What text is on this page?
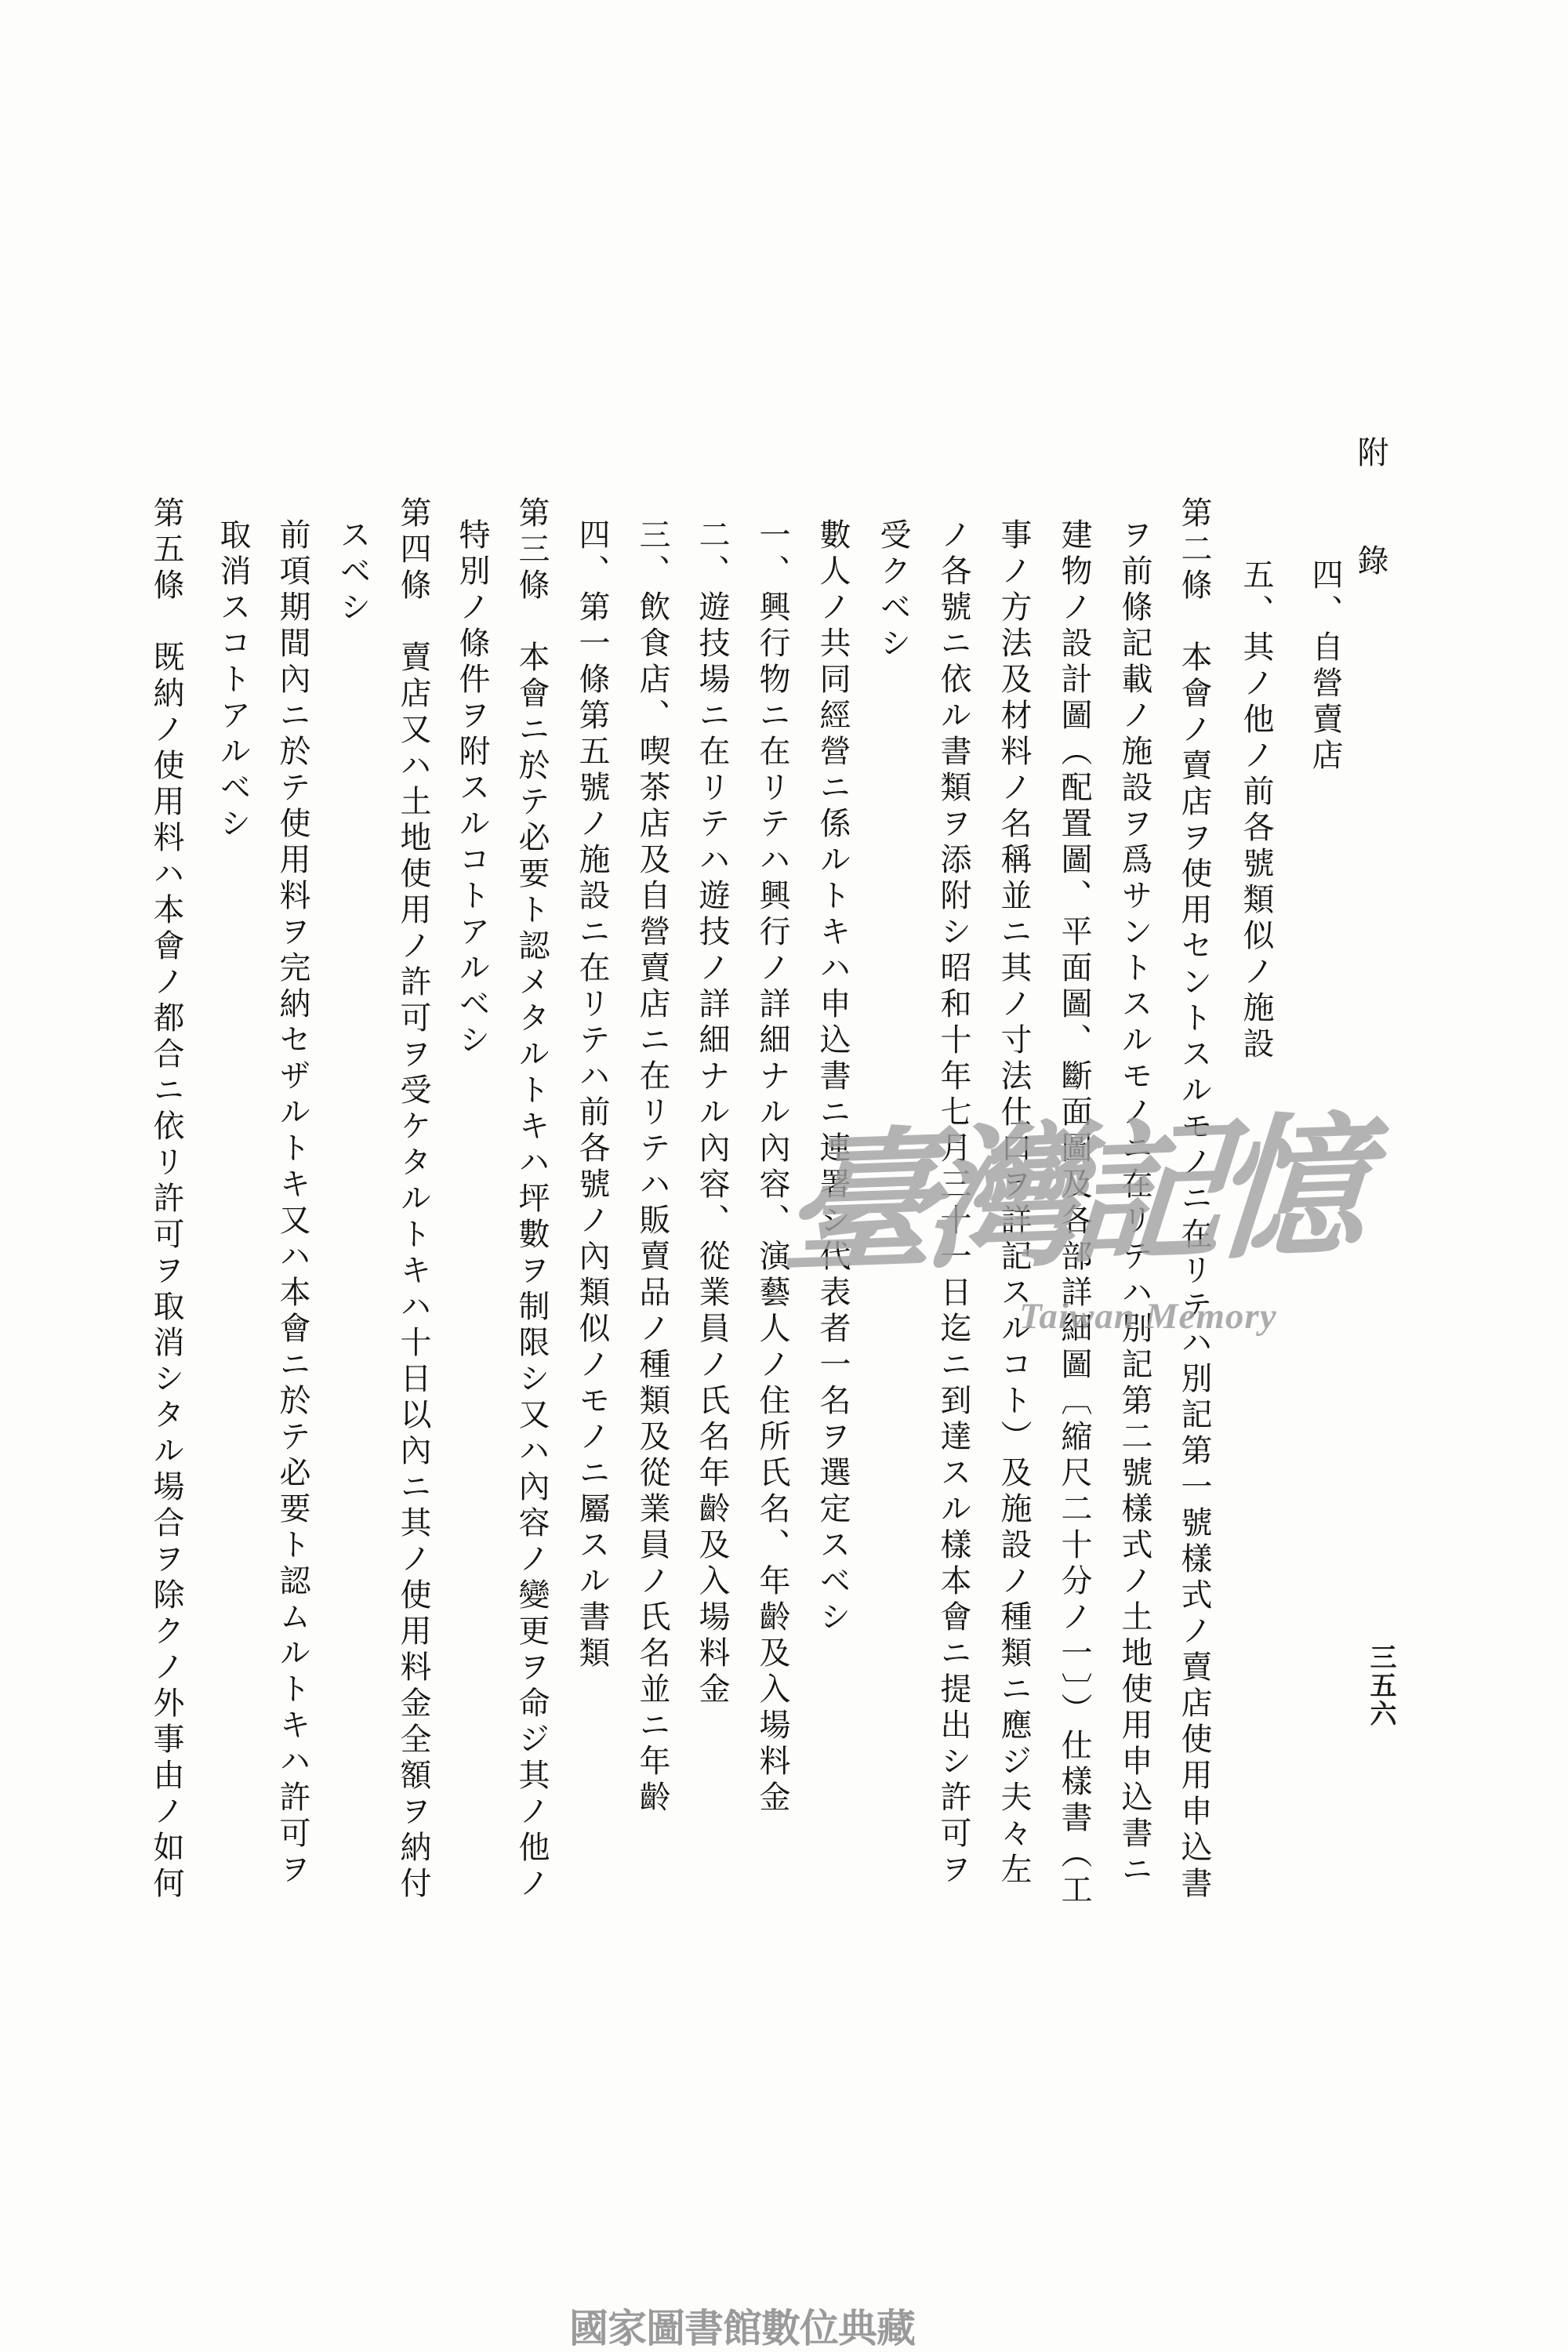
附　　錄
四、自營賣店
五、其ノ他ノ前各號類似ノ施設
第二條　本會ノ賣店ヲ使用セントスルモノニ在リテハ別記第一號樣式ノ賣店使用申込書
ヲ前條記載ノ施設ヲ爲サントスルモノニ在リテハ別記第二號樣式ノ土地使用申込書ニ
建物ノ設計圖（配置圖、平面圖、斷面圖及各部詳細圖〔縮尺二十分ノ一〕）仕樣書（工
事ノ方法及材料ノ名稱並ニ其ノ寸法仕口ヲ詳記スルコト）及施設ノ種類ニ應ジ夫々左
ノ各號ニ依ル書類ヲ添附シ昭和十年七月三十一日迄ニ到達スル樣本會ニ提出シ許可ヲ
受クベシ
數人ノ共同經營ニ係ルトキハ申込書ニ連署シ代表者一名ヲ選定スベシ
一、興行物ニ在リテハ興行ノ詳細ナル內容、演藝人ノ住所氏名、年齡及入場料金
二、遊技場ニ在リテハ遊技ノ詳細ナル內容、從業員ノ氏名年齡及入場料金
三、飲食店、喫茶店及自營賣店ニ在リテハ販賣品ノ種類及從業員ノ氏名並ニ年齡
四、第一條第五號ノ施設ニ在リテハ前各號ノ內類似ノモノニ屬スル書類
第三條　本會ニ於テ必要ト認メタルトキハ坪數ヲ制限シ又ハ內容ノ變更ヲ命ジ其ノ他ノ
特別ノ條件ヲ附スルコトアルベシ
第四條　賣店又ハ土地使用ノ許可ヲ受ケタルトキハ十日以內ニ其ノ使用料金全額ヲ納付
スベシ
前項期間內ニ於テ使用料ヲ完納セザルトキ又ハ本會ニ於テ必要ト認ムルトキハ許可ヲ
取消スコトアルベシ
第五條　既納ノ使用料ハ本會ノ都合ニ依リ許可ヲ取消シタル場合ヲ除クノ外事由ノ如何	三五六
臺灣記憶
Taiwan Memory
國家圖書館數位典藏
